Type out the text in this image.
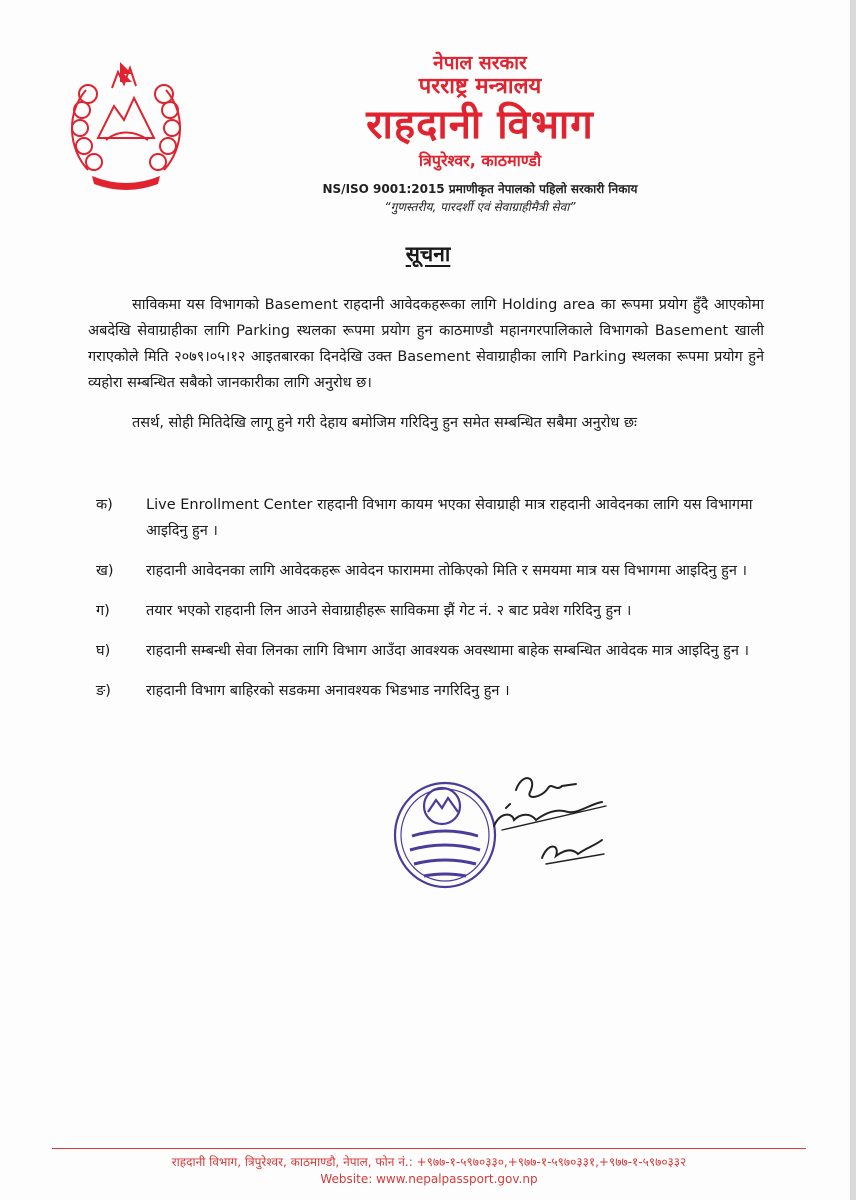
नेपाल सरकार
परराष्ट्र मन्त्रालय
राहदानी विभाग
त्रिपुरेश्वर, काठमाण्डौ
NS/ISO 9001:2015 प्रमाणीकृत नेपालको पहिलो सरकारी निकाय
“गुणस्तरीय, पारदर्शी एवं सेवाग्राहीमैत्री सेवा”
सूचना

साविकमा यस विभागको Basement राहदानी आवेदकहरूका लागि Holding area का रूपमा प्रयोग हुँदै आएकोमा अबदेखि सेवाग्राहीका लागि Parking स्थलका रूपमा प्रयोग हुन काठमाण्डौ महानगरपालिकाले विभागको Basement खाली गराएकोले मिति २०७९।०५।१२ आइतबारका दिनदेखि उक्त Basement सेवाग्राहीका लागि Parking स्थलका रूपमा प्रयोग हुने व्यहोरा सम्बन्धित सबैको जानकारीका लागि अनुरोध छ।

तसर्थ, सोही मितिदेखि लागू हुने गरी देहाय बमोजिम गरिदिनु हुन समेत सम्बन्धित सबैमा अनुरोध छः

क)	Live Enrollment Center राहदानी विभाग कायम भएका सेवाग्राही मात्र राहदानी आवेदनका लागि यस विभागमा आइदिनु हुन ।
ख)	राहदानी आवेदनका लागि आवेदकहरू आवेदन फाराममा तोकिएको मिति र समयमा मात्र यस विभागमा आइदिनु हुन ।
ग)	तयार भएको राहदानी लिन आउने सेवाग्राहीहरू साविकमा झैं गेट नं. २ बाट प्रवेश गरिदिनु हुन ।
घ)	राहदानी सम्बन्धी सेवा लिनका लागि विभाग आउँदा आवश्यक अवस्थामा बाहेक सम्बन्धित आवेदक मात्र आइदिनु हुन ।
ङ)	राहदानी विभाग बाहिरको सडकमा अनावश्यक भिडभाड नगरिदिनु हुन ।
राहदानी विभाग, त्रिपुरेश्वर, काठमाण्डौ, नेपाल, फोन नं.: +९७७-१-५९७०३३०,+९७७-१-५९७०३३१,+९७७-१-५९७०३३२
Website: www.nepalpassport.gov.np
